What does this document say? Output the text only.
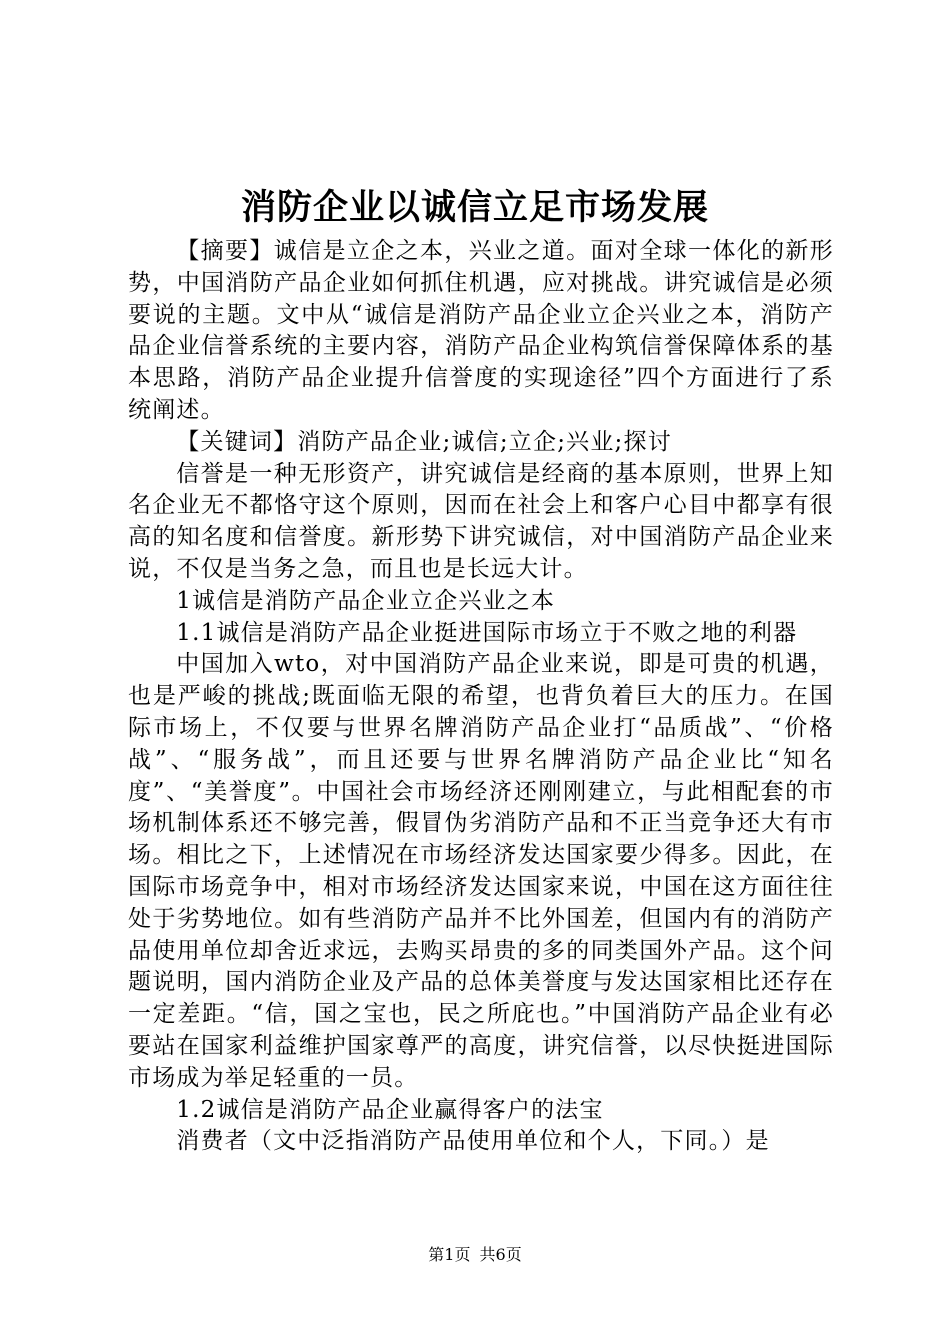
消防企业以诚信立足市场发展

【摘要】诚信是立企之本，兴业之道。面对全球一体化的新形势，中国消防产品企业如何抓住机遇，应对挑战。讲究诚信是必须要说的主题。文中从“诚信是消防产品企业立企兴业之本，消防产品企业信誉系统的主要内容，消防产品企业构筑信誉保障体系的基本思路，消防产品企业提升信誉度的实现途径”四个方面进行了系统阐述。

【关键词】消防产品企业;诚信;立企;兴业;探讨

信誉是一种无形资产，讲究诚信是经商的基本原则，世界上知名企业无不都恪守这个原则，因而在社会上和客户心目中都享有很高的知名度和信誉度。新形势下讲究诚信，对中国消防产品企业来说，不仅是当务之急，而且也是长远大计。

1诚信是消防产品企业立企兴业之本

1.1诚信是消防产品企业挺进国际市场立于不败之地的利器

中国加入wto，对中国消防产品企业来说，即是可贵的机遇，也是严峻的挑战;既面临无限的希望，也背负着巨大的压力。在国际市场上，不仅要与世界名牌消防产品企业打“品质战”、“价格战”、“服务战”，而且还要与世界名牌消防产品企业比“知名度”、“美誉度”。中国社会市场经济还刚刚建立，与此相配套的市场机制体系还不够完善，假冒伪劣消防产品和不正当竞争还大有市场。相比之下，上述情况在市场经济发达国家要少得多。因此，在国际市场竞争中，相对市场经济发达国家来说，中国在这方面往往处于劣势地位。如有些消防产品并不比外国差，但国内有的消防产品使用单位却舍近求远，去购买昂贵的多的同类国外产品。这个问题说明，国内消防企业及产品的总体美誉度与发达国家相比还存在一定差距。“信，国之宝也，民之所庇也。”中国消防产品企业有必要站在国家利益维护国家尊严的高度，讲究信誉，以尽快挺进国际市场成为举足轻重的一员。

1.2诚信是消防产品企业赢得客户的法宝

消费者（文中泛指消防产品使用单位和个人，下同。）是

第1页 共6页
